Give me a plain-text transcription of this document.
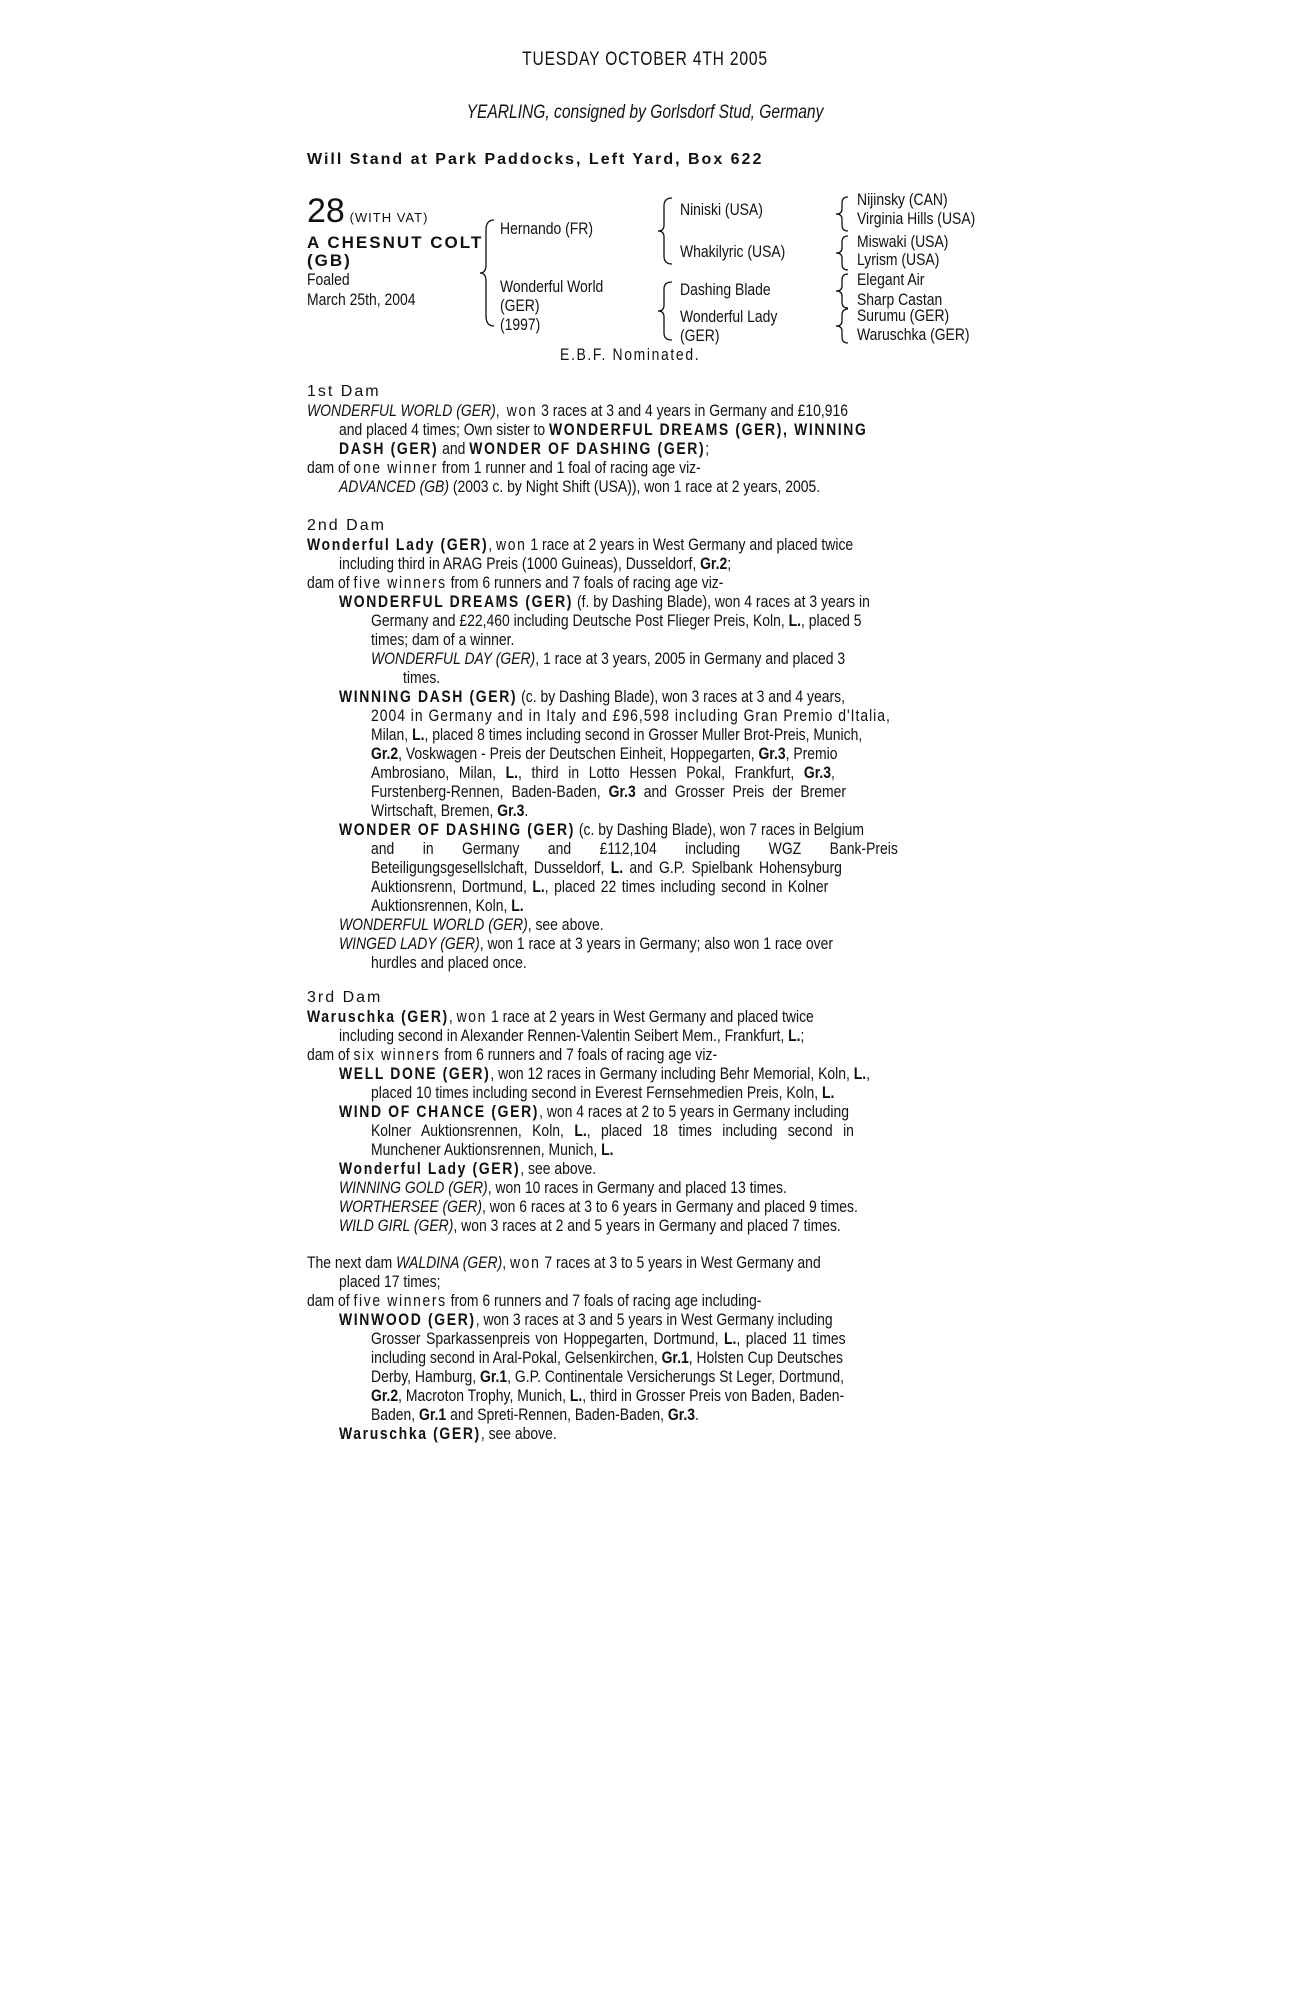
TUESDAY OCTOBER 4TH 2005
YEARLING, consigned by Gorlsdorf Stud, Germany
Will Stand at Park Paddocks, Left Yard, Box 622
28 (WITH VAT)
A CHESNUT COLT
(GB)
Foaled
March 25th, 2004
Hernando (FR)
Wonderful World
(GER)
(1997)
Niniski (USA)
Whakilyric (USA)
Dashing Blade
Wonderful Lady
(GER)
Nijinsky (CAN)
Virginia Hills (USA)
Miswaki (USA)
Lyrism (USA)
Elegant Air
Sharp Castan
Surumu (GER)
Waruschka (GER)
E.B.F. Nominated.
1st Dam
WONDERFUL WORLD (GER), won 3 races at 3 and 4 years in Germany and £10,916
and placed 4 times; Own sister to WONDERFUL DREAMS (GER), WINNING
DASH (GER) and WONDER OF DASHING (GER);
dam of one winner from 1 runner and 1 foal of racing age viz-
ADVANCED (GB) (2003 c. by Night Shift (USA)), won 1 race at 2 years, 2005.
2nd Dam
Wonderful Lady (GER), won 1 race at 2 years in West Germany and placed twice
including third in ARAG Preis (1000 Guineas), Dusseldorf, Gr.2;
dam of five winners from 6 runners and 7 foals of racing age viz-
WONDERFUL DREAMS (GER) (f. by Dashing Blade), won 4 races at 3 years in
Germany and £22,460 including Deutsche Post Flieger Preis, Koln, L., placed 5
times; dam of a winner.
WONDERFUL DAY (GER), 1 race at 3 years, 2005 in Germany and placed 3
times.
WINNING DASH (GER) (c. by Dashing Blade), won 3 races at 3 and 4 years,
2004 in Germany and in Italy and £96,598 including Gran Premio d'Italia,
Milan, L., placed 8 times including second in Grosser Muller Brot-Preis, Munich,
Gr.2, Voskwagen - Preis der Deutschen Einheit, Hoppegarten, Gr.3, Premio
Ambrosiano, Milan, L., third in Lotto Hessen Pokal, Frankfurt, Gr.3,
Furstenberg-Rennen, Baden-Baden, Gr.3 and Grosser Preis der Bremer
Wirtschaft, Bremen, Gr.3.
WONDER OF DASHING (GER) (c. by Dashing Blade), won 7 races in Belgium
and in Germany and £112,104 including WGZ Bank-Preis
Beteiligungsgesellslchaft, Dusseldorf, L. and G.P. Spielbank Hohensyburg
Auktionsrenn, Dortmund, L., placed 22 times including second in Kolner
Auktionsrennen, Koln, L.
WONDERFUL WORLD (GER), see above.
WINGED LADY (GER), won 1 race at 3 years in Germany; also won 1 race over
hurdles and placed once.
3rd Dam
Waruschka (GER), won 1 race at 2 years in West Germany and placed twice
including second in Alexander Rennen-Valentin Seibert Mem., Frankfurt, L.;
dam of six winners from 6 runners and 7 foals of racing age viz-
WELL DONE (GER), won 12 races in Germany including Behr Memorial, Koln, L.,
placed 10 times including second in Everest Fernsehmedien Preis, Koln, L.
WIND OF CHANCE (GER), won 4 races at 2 to 5 years in Germany including
Kolner Auktionsrennen, Koln, L., placed 18 times including second in
Munchener Auktionsrennen, Munich, L.
Wonderful Lady (GER), see above.
WINNING GOLD (GER), won 10 races in Germany and placed 13 times.
WORTHERSEE (GER), won 6 races at 3 to 6 years in Germany and placed 9 times.
WILD GIRL (GER), won 3 races at 2 and 5 years in Germany and placed 7 times.
The next dam WALDINA (GER), won 7 races at 3 to 5 years in West Germany and
placed 17 times;
dam of five winners from 6 runners and 7 foals of racing age including-
WINWOOD (GER), won 3 races at 3 and 5 years in West Germany including
Grosser Sparkassenpreis von Hoppegarten, Dortmund, L., placed 11 times
including second in Aral-Pokal, Gelsenkirchen, Gr.1, Holsten Cup Deutsches
Derby, Hamburg, Gr.1, G.P. Continentale Versicherungs St Leger, Dortmund,
Gr.2, Macroton Trophy, Munich, L., third in Grosser Preis von Baden, Baden-
Baden, Gr.1 and Spreti-Rennen, Baden-Baden, Gr.3.
Waruschka (GER), see above.
